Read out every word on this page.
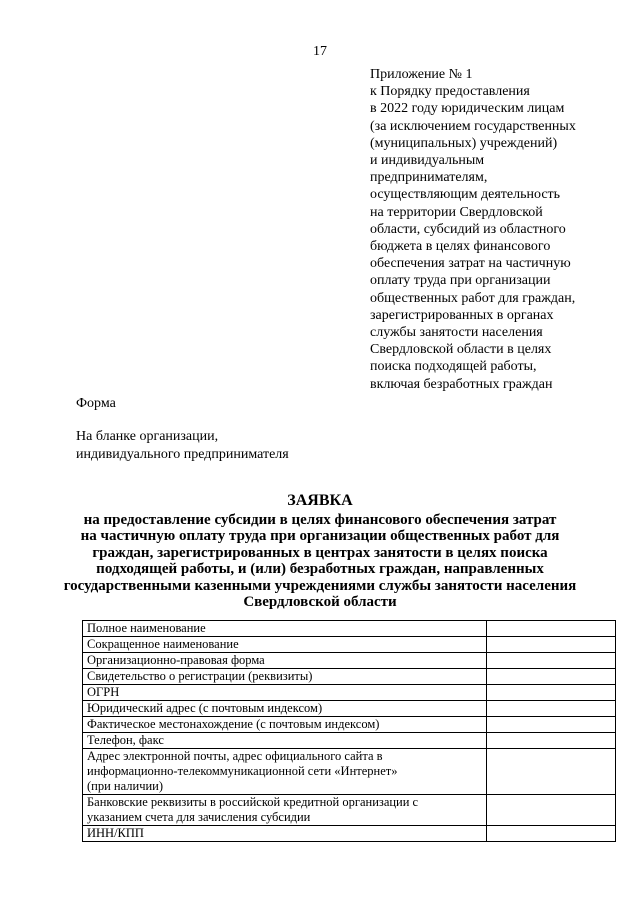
17
Приложение № 1
к Порядку предоставления
в 2022 году юридическим лицам
(за исключением государственных
(муниципальных) учреждений)
и индивидуальным
предпринимателям,
осуществляющим деятельность
на территории Свердловской
области, субсидий из областного
бюджета в целях финансового
обеспечения затрат на частичную
оплату труда при организации
общественных работ для граждан,
зарегистрированных в органах
службы занятости населения
Свердловской области в целях
поиска подходящей работы,
включая безработных граждан
Форма
На бланке организации,
индивидуального предпринимателя
ЗАЯВКА
на предоставление субсидии в целях финансового обеспечения затрат
на частичную оплату труда при организации общественных работ для
граждан, зарегистрированных в центрах занятости в целях поиска
подходящей работы, и (или) безработных граждан, направленных
государственными казенными учреждениями службы занятости населения
Свердловской области
Полное наименование	

Сокращенное наименование	

Организационно-правовая форма	

Свидетельство о регистрации (реквизиты)	

ОГРН	

Юридический адрес (с почтовым индексом)	

Фактическое местонахождение (с почтовым индексом)	

Телефон, факс	

Адрес электронной почты, адрес официального сайта в
информационно-телекоммуникационной сети «Интернет»
(при наличии)	

Банковские реквизиты в российской кредитной организации с
указанием счета для зачисления субсидии	

ИНН/КПП	
